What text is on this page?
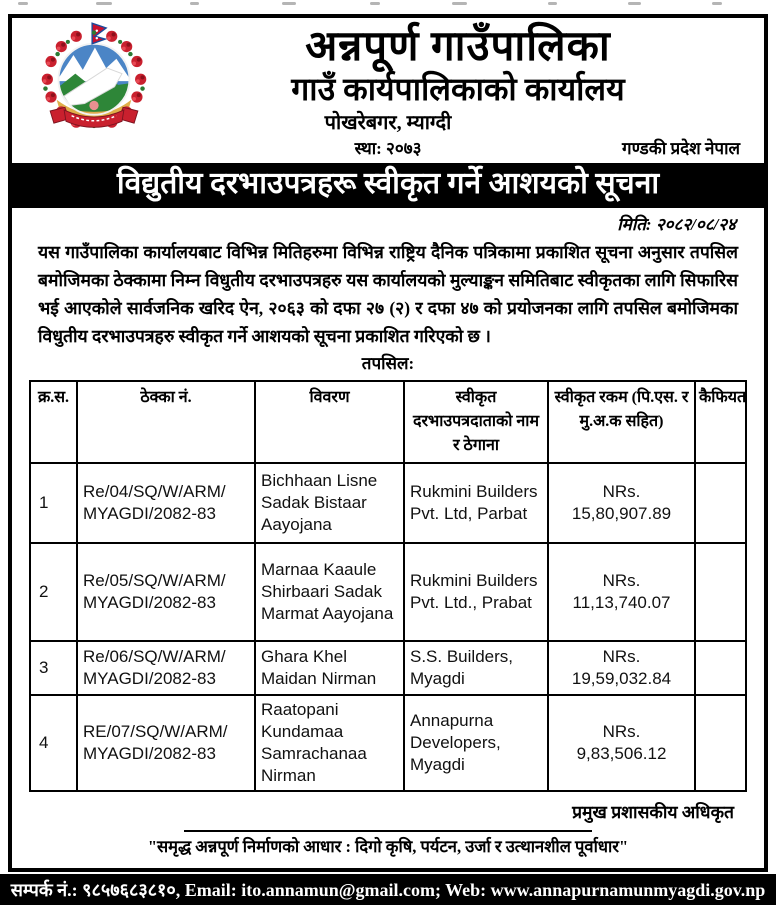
अन्नपूर्ण गाउँपालिका
गाउँ कार्यपालिकाको कार्यालय
पोखरेबगर, म्याग्दी
स्था: २०७३	गण्डकी प्रदेश नेपाल
विद्युतीय दरभाउपत्रहरू स्वीकृत गर्ने आशयको सूचना
मिति: २०८२/०८/२४
यस गाउँपालिका कार्यालयबाट विभिन्न मितिहरुमा विभिन्न राष्ट्रिय दैनिक पत्रिकामा प्रकाशित सूचना अनुसार तपसिल बमोजिमका ठेक्कामा निम्न विधुतीय दरभाउपत्रहरु यस कार्यालयको मुल्याङ्कन समितिबाट स्वीकृतका लागि सिफारिस भई आएकोले सार्वजनिक खरिद ऐन, २०६३ को दफा २७ (२) र दफा ४७ को प्रयोजनका लागि तपसिल बमोजिमका विधुतीय दरभाउपत्रहरु स्वीकृत गर्ने आशयको सूचना प्रकाशित गरिएको छ ।
तपसिल:
क्र.स.	ठेक्का नं.	विवरण	स्वीकृत दरभाउपत्रदाताको नाम र ठेगाना	स्वीकृत रकम (पि.एस. र मु.अ.क सहित)	कैफियत
1	Re/​04/​SQ/​W/​ARM/​MYAGDI/​2082-83	Bichhaan Lisne Sadak Bistaar Aayojana	Rukmini Builders Pvt. Ltd, Parbat	NRs.
15,80,907.89	

2	Re/​05/​SQ/​W/​ARM/​MYAGDI/​2082-83	Marnaa Kaaule Shirbaari Sadak Marmat Aayojana	Rukmini Builders Pvt. Ltd., Prabat	NRs.
11,13,740.07	

3	Re/​06/​SQ/​W/​ARM/​MYAGDI/​2082-83	Ghara Khel Maidan Nirman	S.S. Builders, Myagdi	NRs.
19,59,032.84	

4	RE/​07/​SQ/​W/​ARM/​MYAGDI/​2082-83	Raatopani Kundamaa Samrachanaa Nirman	Annapurna Developers, Myagdi	NRs.
9,83,506.12	

प्रमुख प्रशासकीय अधिकृत
"समृद्ध अन्नपूर्ण निर्माणको आधार : दिगो कृषि, पर्यटन, उर्जा र उत्थानशील पूर्वाधार"
सम्पर्क नं.: ९८५७६८३८१०, Email: ito.annamun@gmail.com; Web: www.annapurnamunmyagdi.gov.np
